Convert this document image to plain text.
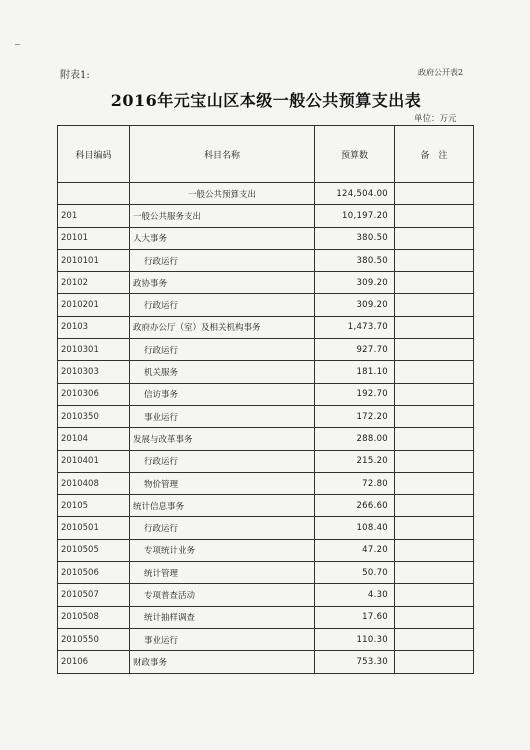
附表1:	政府公开表2
2016年元宝山区本级一般公共预算支出表
单位：万元
科目编码	科目名称	预算数	备　注
	一般公共预算支出	124,504.00	
201	一般公共服务支出	10,197.20	
20101	人大事务	380.50	
2010101	行政运行	380.50	
20102	政协事务	309.20	
2010201	行政运行	309.20	
20103	政府办公厅（室）及相关机构事务	1,473.70	
2010301	行政运行	927.70	
2010303	机关服务	181.10	
2010306	信访事务	192.70	
2010350	事业运行	172.20	
20104	发展与改革事务	288.00	
2010401	行政运行	215.20	
2010408	物价管理	72.80	
20105	统计信息事务	266.60	
2010501	行政运行	108.40	
2010505	专项统计业务	47.20	
2010506	统计管理	50.70	
2010507	专项普查活动	4.30	
2010508	统计抽样调查	17.60	
2010550	事业运行	110.30	
20106	财政事务	753.30	
